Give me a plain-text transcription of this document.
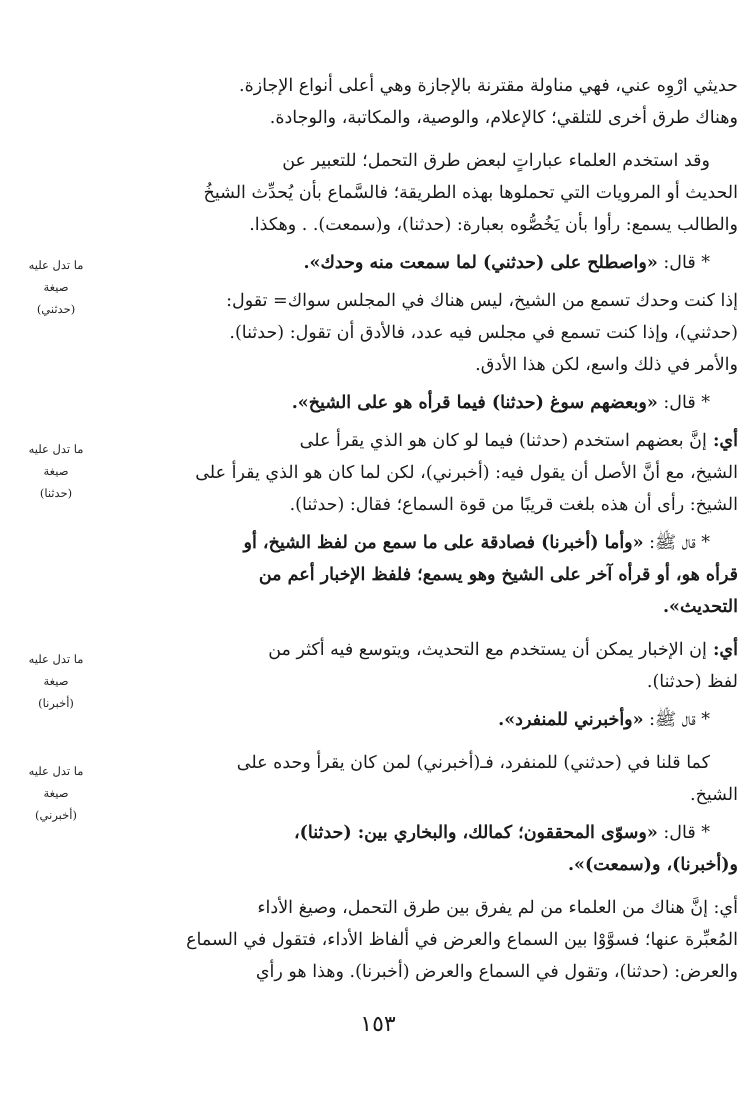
حديثي ارْوِه عني، فهي مناولة مقترنة بالإجازة وهي أعلى أنواع الإجازة.
وهناك طرق أخرى للتلقي؛ كالإعلام، والوصية، والمكاتبة، والوجادة.

وقد استخدم العلماء عباراتٍ لبعض طرق التحمل؛ للتعبير عن
الحديث أو المرويات التي تحملوها بهذه الطريقة؛ فالسَّماع بأن يُحدِّث الشيخُ
والطالب يسمع: رأوا بأن يَخُصُّوه بعبارة: (حدثنا)، و(سمعت). . وهكذا.

* قال: «واصطلح على (حدثني) لما سمعت منه وحدك».

إذا كنت وحدك تسمع من الشيخ، ليس هناك في المجلس سواك= تقول:
(حدثني)، وإذا كنت تسمع في مجلس فيه عدد، فالأدق أن تقول: (حدثنا).
والأمر في ذلك واسع، لكن هذا الأدق.

* قال: «وبعضهم سوغ (حدثنا) فيما قرأه هو على الشيخ».

أي: إنَّ بعضهم استخدم (حدثنا) فيما لو كان هو الذي يقرأ على
الشيخ، مع أنَّ الأصل أن يقول فيه: (أخبرني)، لكن لما كان هو الذي يقرأ على
الشيخ: رأى أن هذه بلغت قريبًا من قوة السماع؛ فقال: (حدثنا).

* قال ﷺ: «وأما (أخبرنا) فصادقة على ما سمع من لفظ الشيخ، أو
قرأه هو، أو قرأه آخر على الشيخ وهو يسمع؛ فلفظ الإخبار أعم من
التحديث».

أي: إن الإخبار يمكن أن يستخدم مع التحديث، ويتوسع فيه أكثر من
لفظ (حدثنا).

* قال ﷺ: «وأخبرني للمنفرد».

كما قلنا في (حدثني) للمنفرد، فـ(أخبرني) لمن كان يقرأ وحده على
الشيخ.

* قال: «وسوّى المحققون؛ كمالك، والبخاري بين: (حدثنا)،
و(أخبرنا)، و(سمعت)».

أي: إنَّ هناك من العلماء من لم يفرق بين طرق التحمل، وصيغ الأداء
المُعبِّرة عنها؛ فسوَّوْا بين السماع والعرض في ألفاظ الأداء، فتقول في السماع
والعرض: (حدثنا)، وتقول في السماع والعرض (أخبرنا). وهذا هو رأي

ما تدل عليه
صيغة
(حدثني)
ما تدل عليه
صيغة
(حدثنا)
ما تدل عليه
صيغة
(أخبرنا)
ما تدل عليه
صيغة
(أخبرني)
١٥٣
